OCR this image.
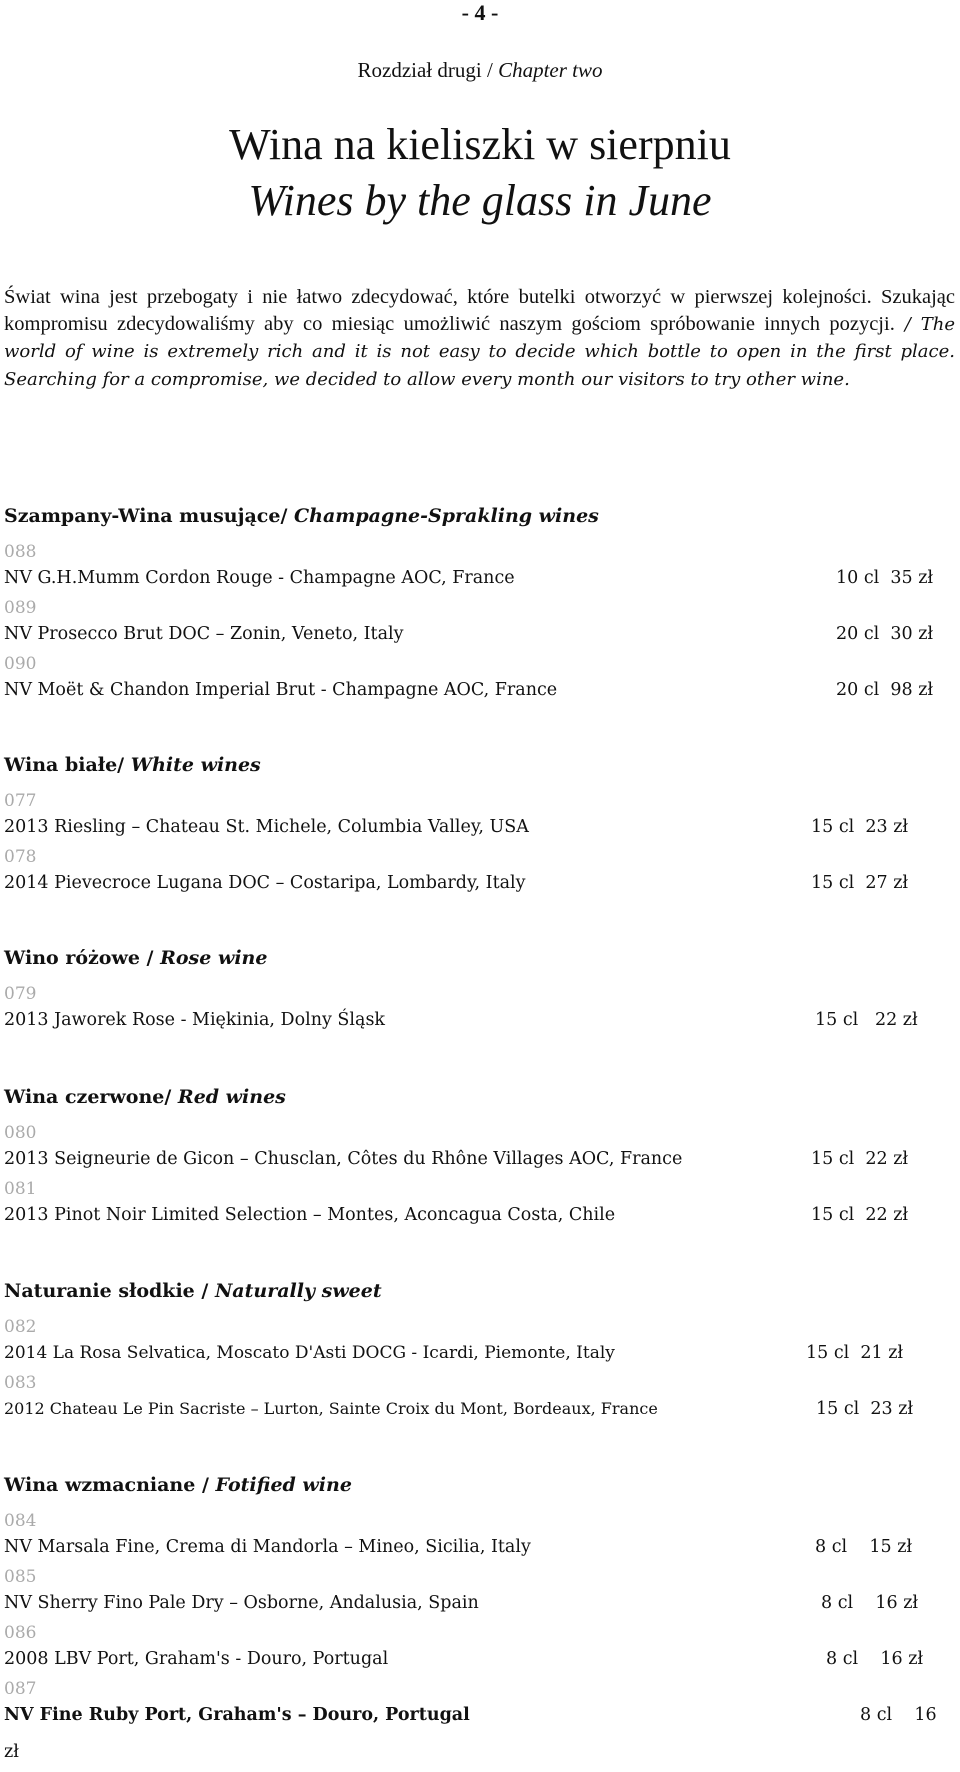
- 4 -
Rozdział drugi / Chapter two
Wina na kieliszki w sierpniu
Wines by the glass in June
Świat wina jest przebogaty i nie łatwo zdecydować, które butelki otworzyć w pierwszej kolejności. Szukając kompromisu zdecydowaliśmy aby co miesiąc umożliwić naszym gościom spróbowanie innych pozycji. / The world of wine is extremely rich and it is not easy to decide which bottle to open in the first place. Searching for a compromise, we decided to allow every month our visitors to try other wine.
Szampany-Wina musujące/ Champagne-Sprakling wines
088
NV G.H.Mumm Cordon Rouge - Champagne AOC, France	10 cl 35 zł
089
NV Prosecco Brut DOC – Zonin, Veneto, Italy	20 cl 30 zł
090
NV Moët & Chandon Imperial Brut - Champagne AOC, France	20 cl 98 zł
Wina białe/ White wines
077
2013 Riesling – Chateau St. Michele, Columbia Valley, USA	15 cl 23 zł
078
2014 Pievecroce Lugana DOC – Costaripa, Lombardy, Italy	15 cl 27 zł
Wino różowe / Rose wine
079
2013 Jaworek Rose - Miękinia, Dolny Śląsk	15 cl 22 zł
Wina czerwone/ Red wines
080
2013 Seigneurie de Gicon – Chusclan, Côtes du Rhône Villages AOC, France	15 cl 22 zł
081
2013 Pinot Noir Limited Selection – Montes, Aconcagua Costa, Chile	15 cl 22 zł
Naturanie słodkie / Naturally sweet
082
2014 La Rosa Selvatica, Moscato D'Asti DOCG - Icardi, Piemonte, Italy	15 cl 21 zł
083
2012 Chateau Le Pin Sacriste – Lurton, Sainte Croix du Mont, Bordeaux, France	15 cl 23 zł
Wina wzmacniane / Fotified wine
084
NV Marsala Fine, Crema di Mandorla – Mineo, Sicilia, Italy	8 cl 15 zł
085
NV Sherry Fino Pale Dry – Osborne, Andalusia, Spain	8 cl 16 zł
086
2008 LBV Port, Graham's - Douro, Portugal	8 cl 16 zł
087
NV Fine Ruby Port, Graham's – Douro, Portugal	8 cl 16
zł
